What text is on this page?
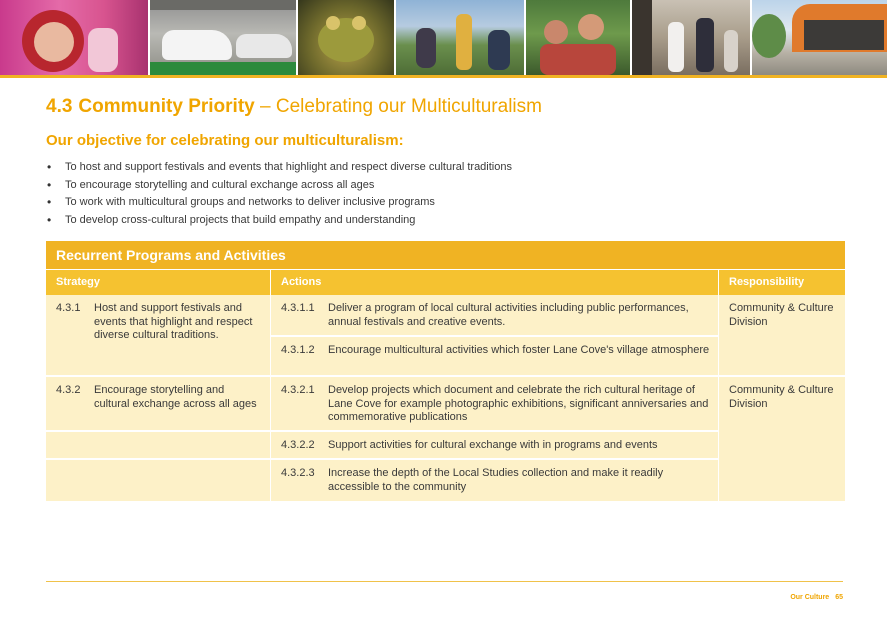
4.3 Community Priority – Celebrating our Multiculturalism
Our objective for celebrating our multiculturalism:
• To host and support festivals and events that highlight and respect diverse cultural traditions
• To encourage storytelling and cultural exchange across all ages
• To work with multicultural groups and networks to deliver inclusive programs
• To develop cross-cultural projects that build empathy and understanding
Recurrent Programs and Activities
Strategy	Actions	Responsibility
4.3.1	Host and support festivals and events that highlight and respect diverse cultural traditions.
4.3.1.1	Deliver a program of local cultural activities including public performances, annual festivals and creative events.
4.3.1.2	Encourage multicultural activities which foster Lane Cove's village atmosphere
Community & Culture Division
4.3.2	Encourage storytelling and cultural exchange across all ages
4.3.2.1	Develop projects which document and celebrate the rich cultural heritage of Lane Cove for example photographic exhibitions, significant anniversaries and commemorative publications
4.3.2.2	Support activities for cultural exchange with in programs and events
4.3.2.3	Increase the depth of the Local Studies collection and make it readily accessible to the community
Community & Culture Division
Our Culture 65
